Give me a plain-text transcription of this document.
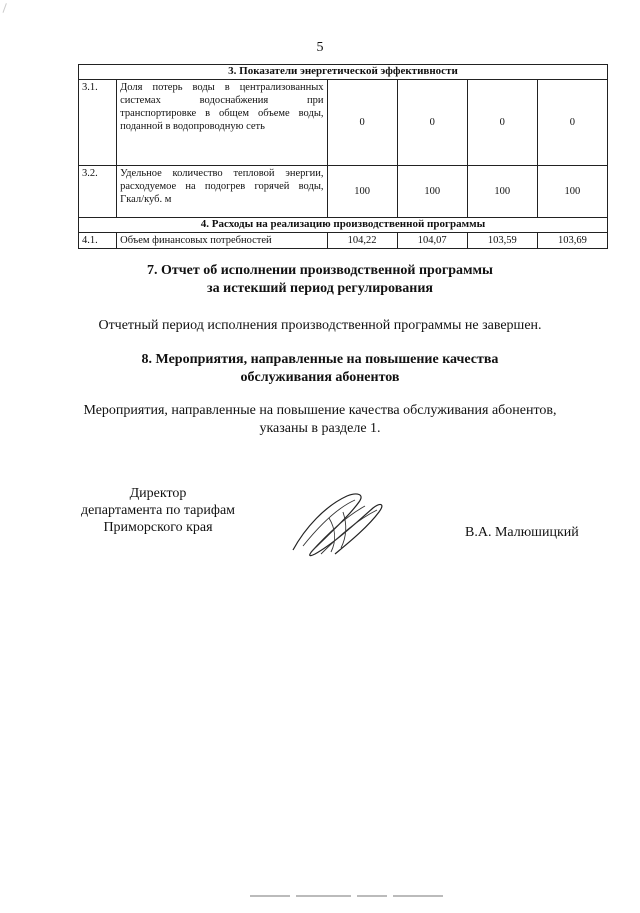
5
3. Показатели энергетической эффективности					
3.1.	Доля потерь воды в централизованных системах водоснабжения при транспортировке в общем объеме воды, поданной в водопроводную сеть	0	0	0	0
3.2.	Удельное количество тепловой энергии, расходуемое на подогрев горячей воды, Гкал/куб. м	100	100	100	100
4. Расходы на реализацию производственной программы					
4.1.	Объем финансовых потребностей	104,22	104,07	103,59	103,69
7. Отчет об исполнении производственной программы
за истекший период регулирования
Отчетный период исполнения производственной программы не завершен.
8. Мероприятия, направленные на повышение качества
обслуживания абонентов
Мероприятия, направленные на повышение качества обслуживания абонентов,
указаны в разделе 1.
Директор
департамента по тарифам
Приморского края	В.А. Малюшицкий
